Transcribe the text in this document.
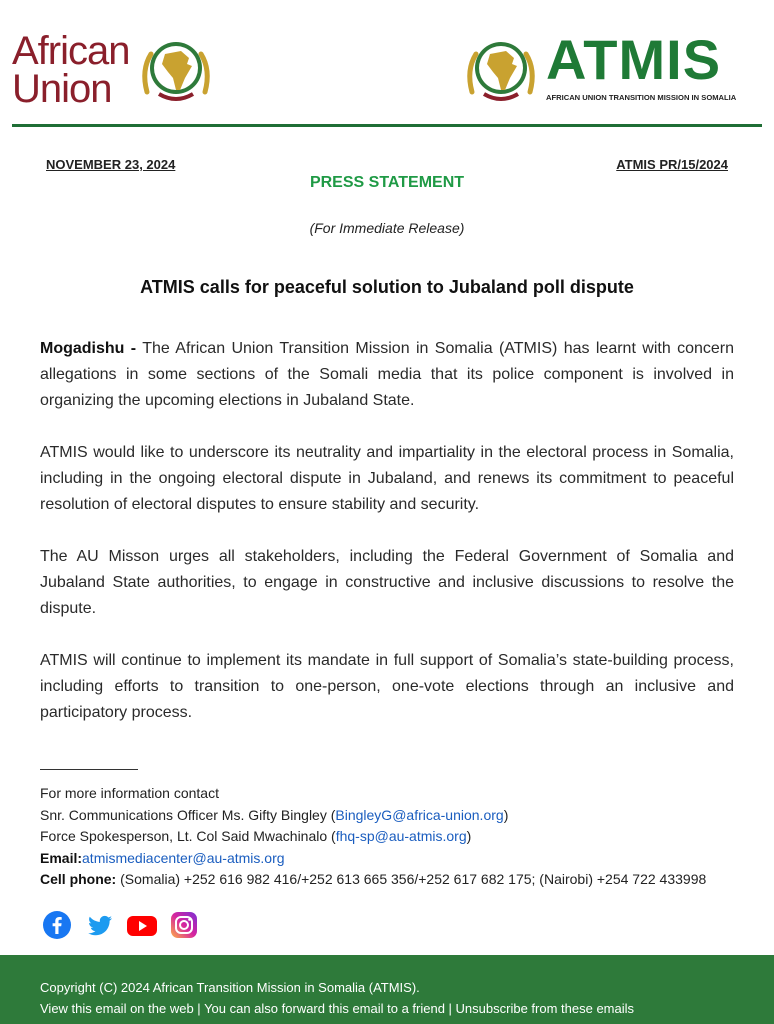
African
Union	ATMIS
AFRICAN UNION TRANSITION MISSION IN SOMALIA
NOVEMBER 23, 2024	ATMIS PR/15/2024
PRESS STATEMENT
(For Immediate Release)
ATMIS calls for peaceful solution to Jubaland poll dispute

Mogadishu - The African Union Transition Mission in Somalia (ATMIS) has learnt with concern allegations in some sections of the Somali media that its police component is involved in organizing the upcoming elections in Jubaland State.

ATMIS would like to underscore its neutrality and impartiality in the electoral process in Somalia, including in the ongoing electoral dispute in Jubaland, and renews its commitment to peaceful resolution of electoral disputes to ensure stability and security.

The AU Misson urges all stakeholders, including the Federal Government of Somalia and Jubaland State authorities, to engage in constructive and inclusive discussions to resolve the dispute.

ATMIS will continue to implement its mandate in full support of Somalia’s state-building process, including efforts to transition to one-person, one-vote elections through an inclusive and participatory process.

For more information contact
Snr. Communications Officer Ms. Gifty Bingley (BingleyG@africa-union.org)
Force Spokesperson, Lt. Col Said Mwachinalo (fhq-sp@au-atmis.org)
Email:atmismediacenter@au-atmis.org
Cell phone: (Somalia) +252 616 982 416/+252 613 665 356/+252 617 682 175; (Nairobi) +254 722 433998
Copyright (C) 2024 African Transition Mission in Somalia (ATMIS).
View this email on the web | You can also forward this email to a friend | Unsubscribe from these emails
